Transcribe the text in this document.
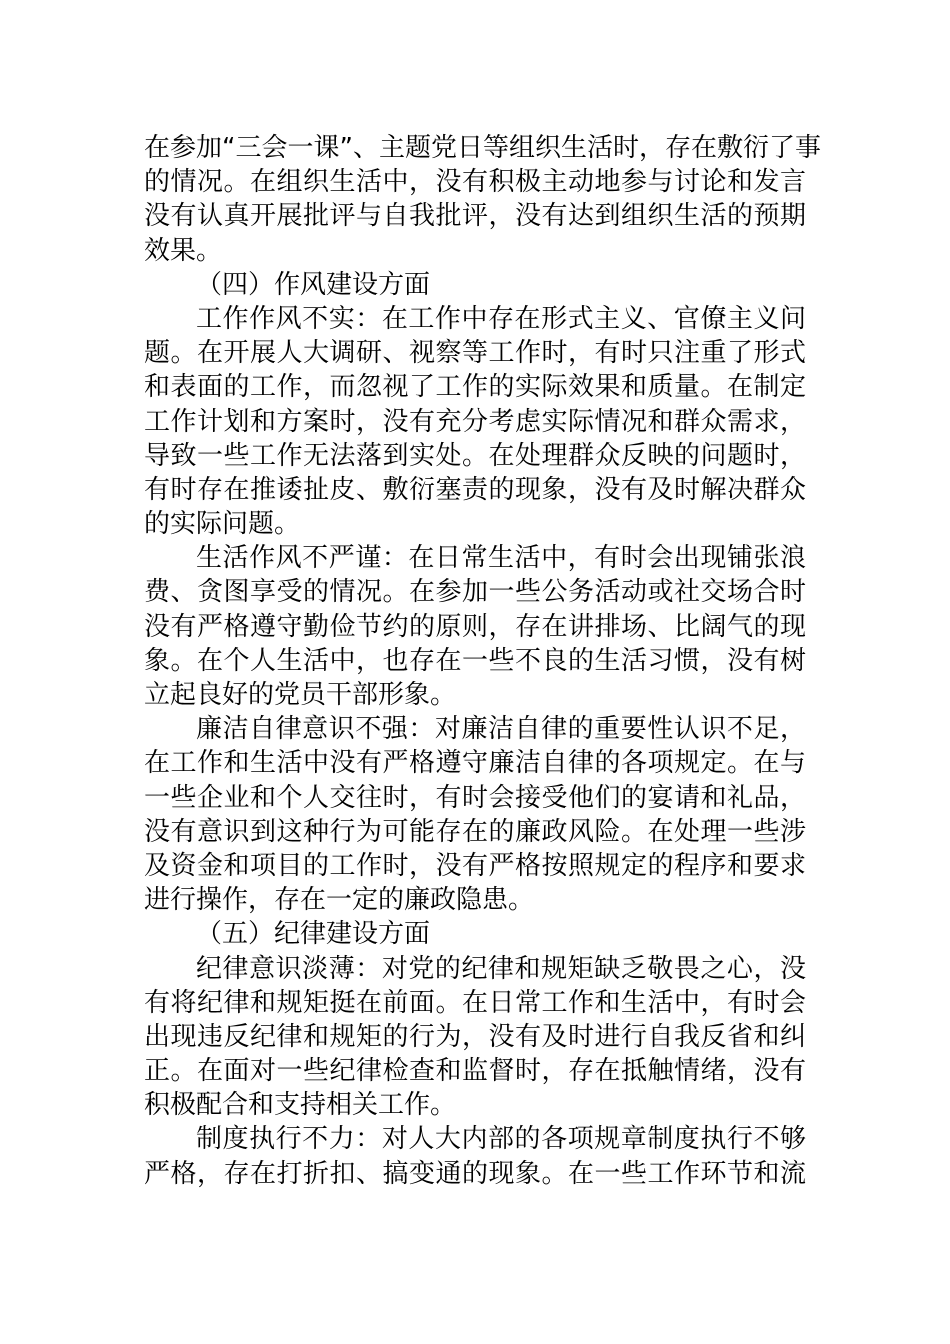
在参加“三会一课”、主题党日等组织生活时，存在敷衍了事
的情况。在组织生活中，没有积极主动地参与讨论和发言
没有认真开展批评与自我批评，没有达到组织生活的预期
效果。
（四）作风建设方面
工作作风不实：在工作中存在形式主义、官僚主义问
题。在开展人大调研、视察等工作时，有时只注重了形式
和表面的工作，而忽视了工作的实际效果和质量。在制定
工作计划和方案时，没有充分考虑实际情况和群众需求，
导致一些工作无法落到实处。在处理群众反映的问题时，
有时存在推诿扯皮、敷衍塞责的现象，没有及时解决群众
的实际问题。
生活作风不严谨：在日常生活中，有时会出现铺张浪
费、贪图享受的情况。在参加一些公务活动或社交场合时
没有严格遵守勤俭节约的原则，存在讲排场、比阔气的现
象。在个人生活中，也存在一些不良的生活习惯，没有树
立起良好的党员干部形象。
廉洁自律意识不强：对廉洁自律的重要性认识不足，
在工作和生活中没有严格遵守廉洁自律的各项规定。在与
一些企业和个人交往时，有时会接受他们的宴请和礼品，
没有意识到这种行为可能存在的廉政风险。在处理一些涉
及资金和项目的工作时，没有严格按照规定的程序和要求
进行操作，存在一定的廉政隐患。
（五）纪律建设方面
纪律意识淡薄：对党的纪律和规矩缺乏敬畏之心，没
有将纪律和规矩挺在前面。在日常工作和生活中，有时会
出现违反纪律和规矩的行为，没有及时进行自我反省和纠
正。在面对一些纪律检查和监督时，存在抵触情绪，没有
积极配合和支持相关工作。
制度执行不力：对人大内部的各项规章制度执行不够
严格，存在打折扣、搞变通的现象。在一些工作环节和流
